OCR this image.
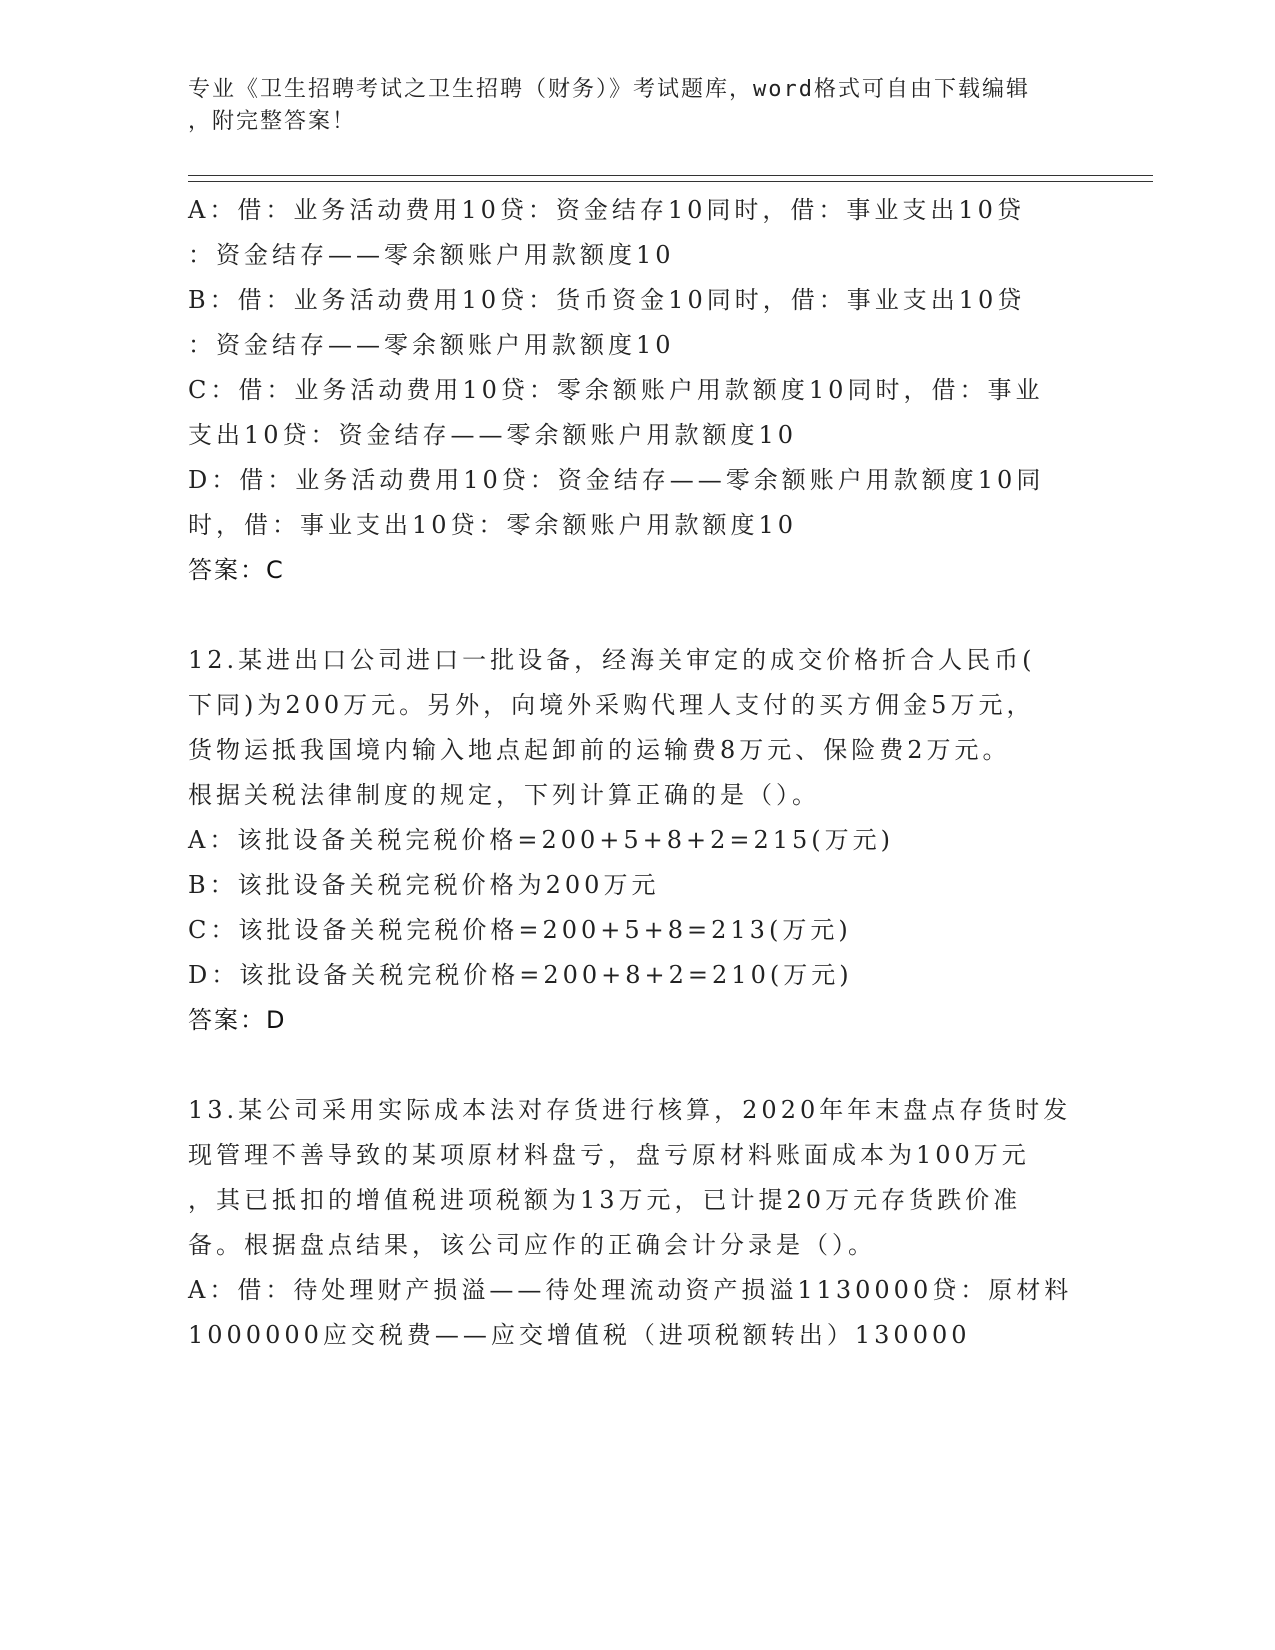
专业《卫生招聘考试之卫生招聘（财务）》考试题库，word格式可自由下载编辑
，附完整答案！
A：借：业务活动费用10贷：资金结存10同时，借：事业支出10贷
：资金结存——零余额账户用款额度10
B：借：业务活动费用10贷：货币资金10同时，借：事业支出10贷
：资金结存——零余额账户用款额度10
C：借：业务活动费用10贷：零余额账户用款额度10同时，借：事业
支出10贷：资金结存——零余额账户用款额度10
D：借：业务活动费用10贷：资金结存——零余额账户用款额度10同
时，借：事业支出10贷：零余额账户用款额度10
答案：C
12.某进出口公司进口一批设备，经海关审定的成交价格折合人民币(
下同)为200万元。另外，向境外采购代理人支付的买方佣金5万元，
货物运抵我国境内输入地点起卸前的运输费8万元、保险费2万元。
根据关税法律制度的规定，下列计算正确的是（）。
A：该批设备关税完税价格=200+5+8+2=215(万元)
B：该批设备关税完税价格为200万元
C：该批设备关税完税价格=200+5+8=213(万元)
D：该批设备关税完税价格=200+8+2=210(万元)
答案：D
13.某公司采用实际成本法对存货进行核算，2020年年末盘点存货时发
现管理不善导致的某项原材料盘亏，盘亏原材料账面成本为100万元
，其已抵扣的增值税进项税额为13万元，已计提20万元存货跌价准
备。根据盘点结果，该公司应作的正确会计分录是（）。
A：借：待处理财产损溢——待处理流动资产损溢1130000贷：原材料
1000000应交税费——应交增值税（进项税额转出）130000
